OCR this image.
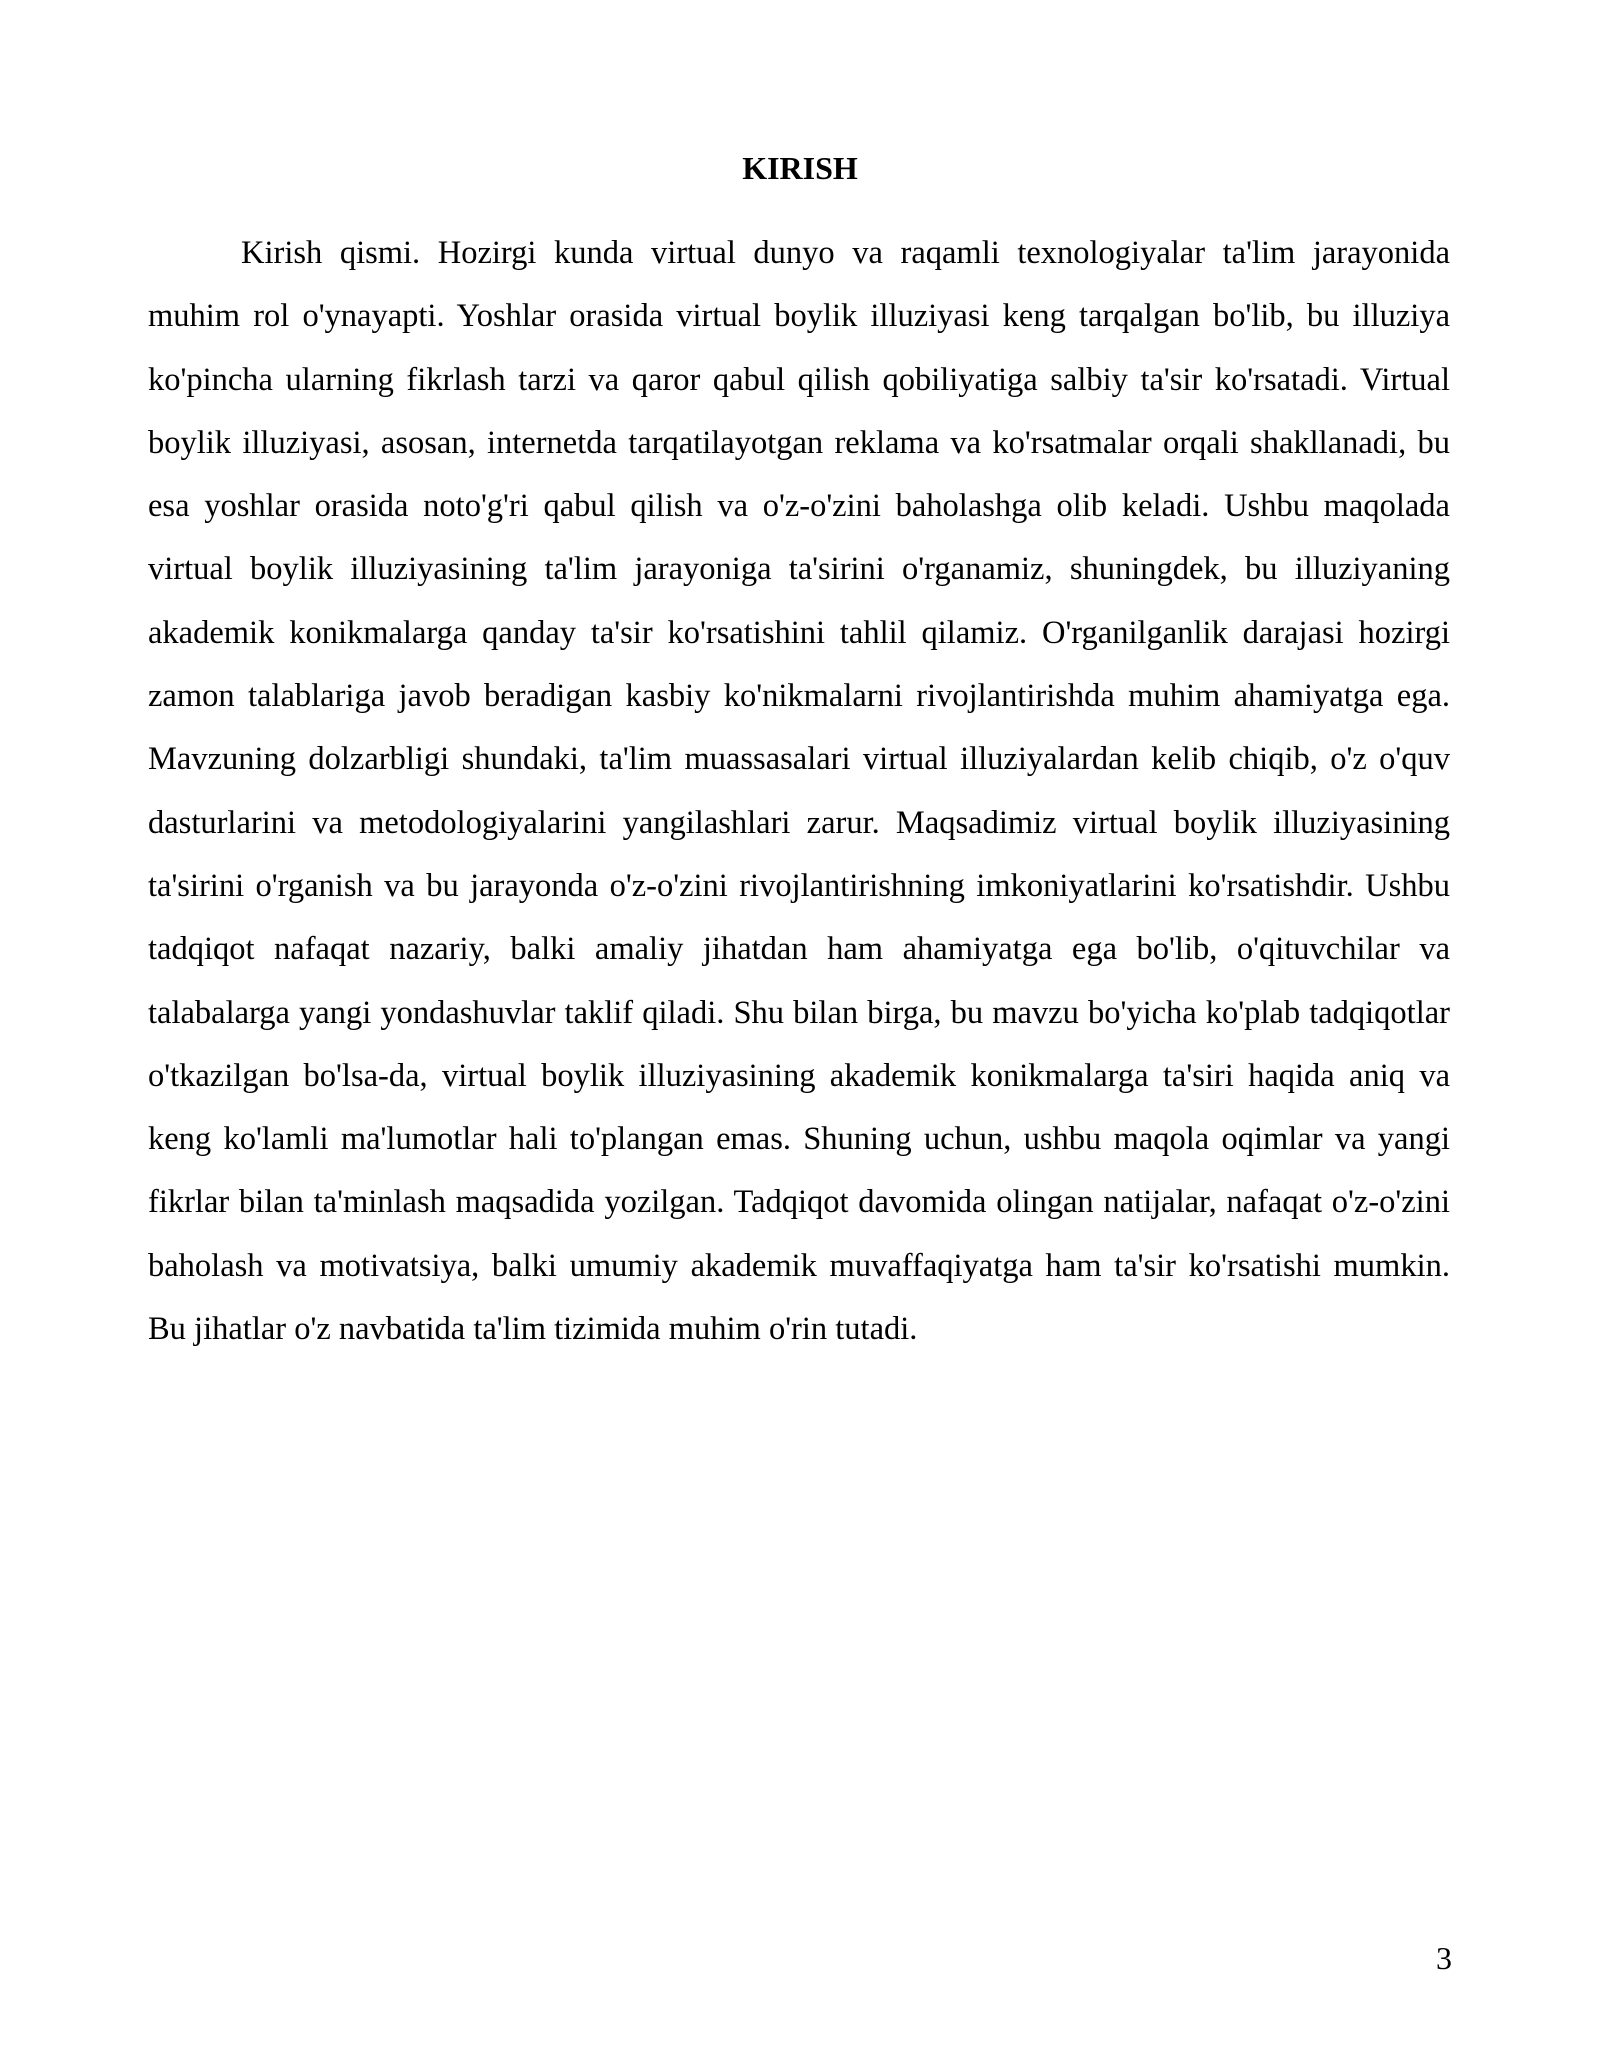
KIRISH

Kirish qismi. Hozirgi kunda virtual dunyo va raqamli texnologiyalar ta'lim jarayonida muhim rol o'ynayapti. Yoshlar orasida virtual boylik illuziyasi keng tarqalgan bo'lib, bu illuziya ko'pincha ularning fikrlash tarzi va qaror qabul qilish qobiliyatiga salbiy ta'sir ko'rsatadi. Virtual boylik illuziyasi, asosan, internetda tarqatilayotgan reklama va ko'rsatmalar orqali shakllanadi, bu esa yoshlar orasida noto'g'ri qabul qilish va o'z-o'zini baholashga olib keladi. Ushbu maqolada virtual boylik illuziyasining ta'lim jarayoniga ta'sirini o'rganamiz, shuningdek, bu illuziyaning akademik konikmalarga qanday ta'sir ko'rsatishini tahlil qilamiz. O'rganilganlik darajasi hozirgi zamon talablariga javob beradigan kasbiy ko'nikmalarni rivojlantirishda muhim ahamiyatga ega. Mavzuning dolzarbligi shundaki, ta'lim muassasalari virtual illuziyalardan kelib chiqib, o'z o'quv dasturlarini va metodologiyalarini yangilashlari zarur. Maqsadimiz virtual boylik illuziyasining ta'sirini o'rganish va bu jarayonda o'z-o'zini rivojlantirishning imkoniyatlarini ko'rsatishdir. Ushbu tadqiqot nafaqat nazariy, balki amaliy jihatdan ham ahamiyatga ega bo'lib, o'qituvchilar va talabalarga yangi yondashuvlar taklif qiladi. Shu bilan birga, bu mavzu bo'yicha ko'plab tadqiqotlar o'tkazilgan bo'lsa-da, virtual boylik illuziyasining akademik konikmalarga ta'siri haqida aniq va keng ko'lamli ma'lumotlar hali to'plangan emas. Shuning uchun, ushbu maqola oqimlar va yangi fikrlar bilan ta'minlash maqsadida yozilgan. Tadqiqot davomida olingan natijalar, nafaqat o'z-o'zini baholash va motivatsiya, balki umumiy akademik muvaffaqiyatga ham ta'sir ko'rsatishi mumkin. Bu jihatlar o'z navbatida ta'lim tizimida muhim o'rin tutadi.

3
